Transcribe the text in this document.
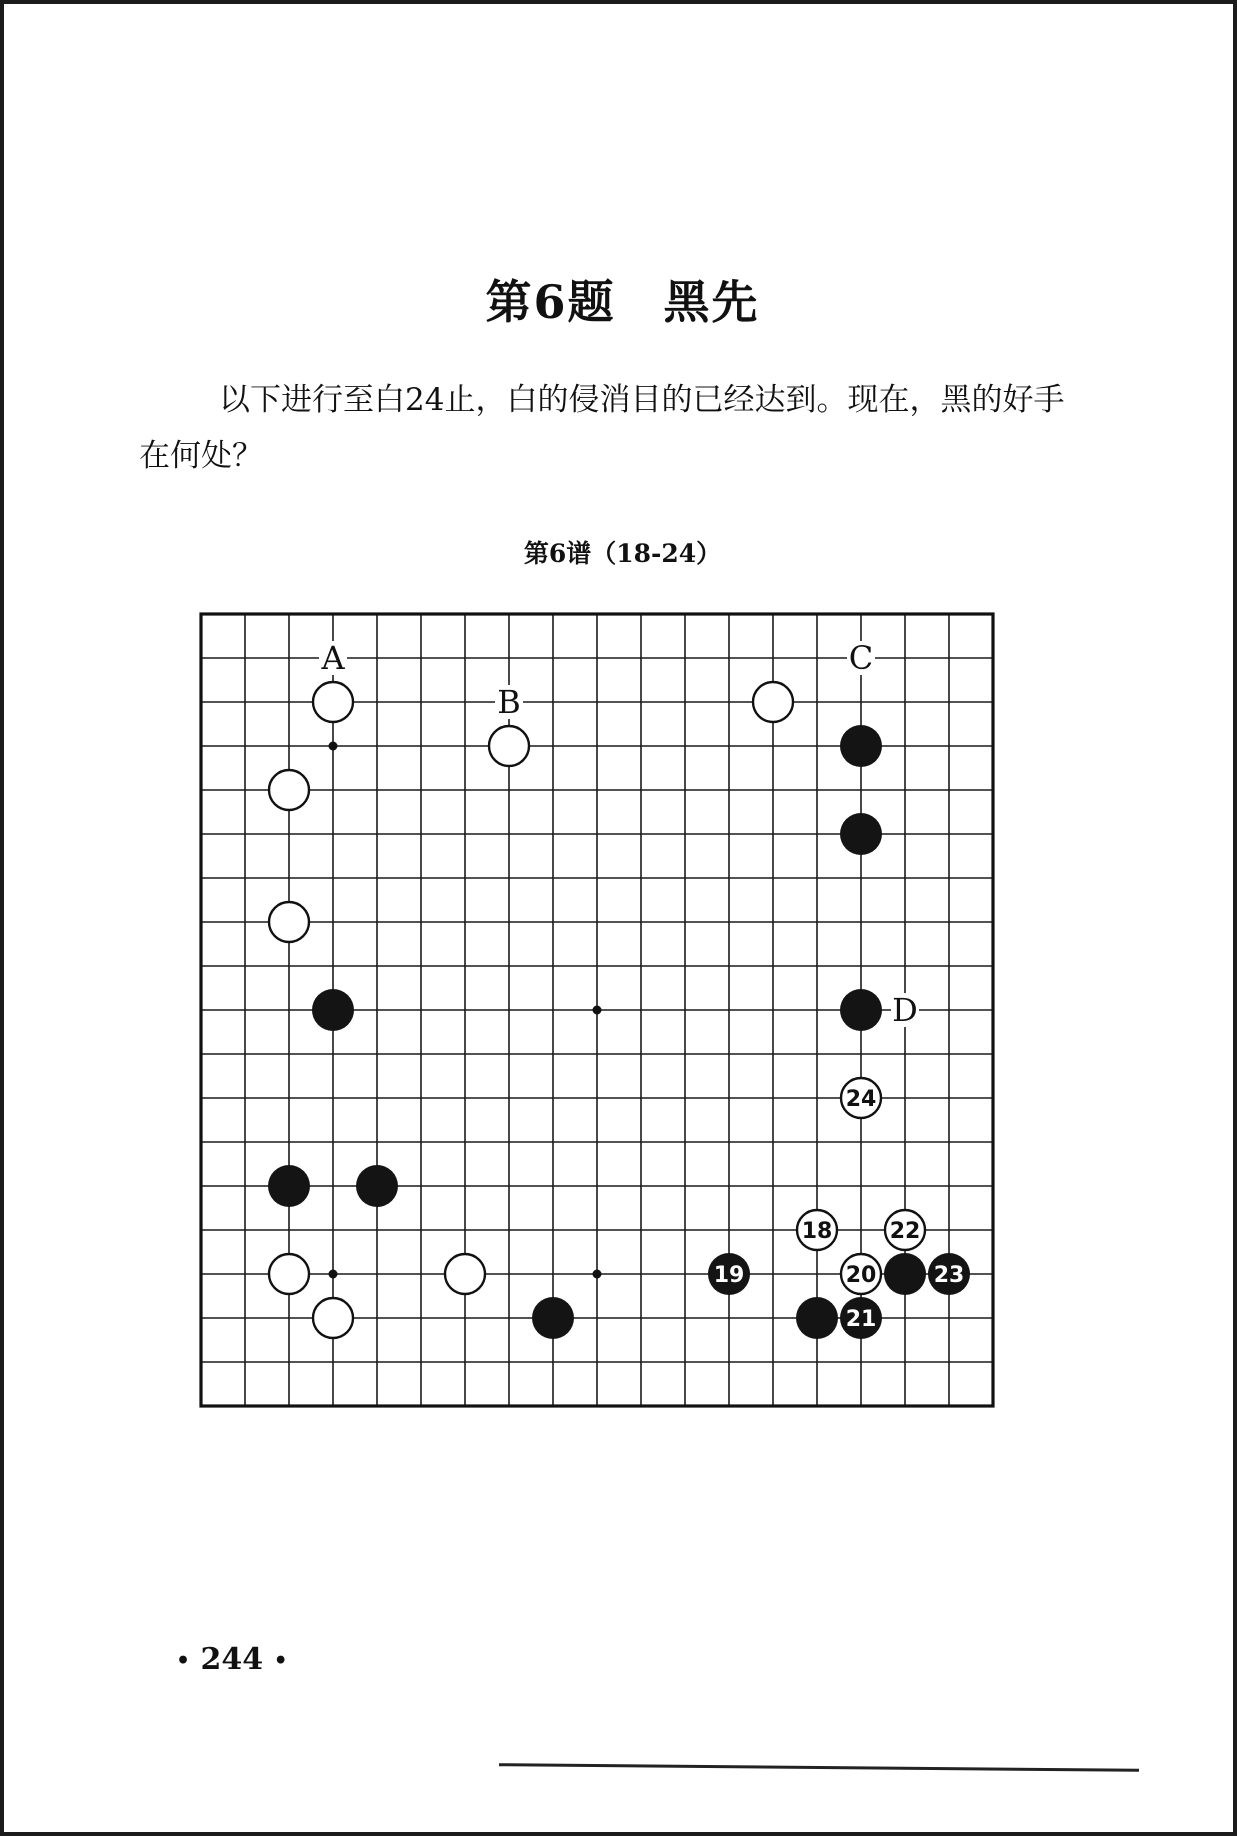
第6题　黑先
以下进行至白24止，白的侵消目的已经达到。现在，黑的好手在何处？
第6谱（18-24）
18
19	20
21
22
23
24
A
B
C
D
• 244 •
